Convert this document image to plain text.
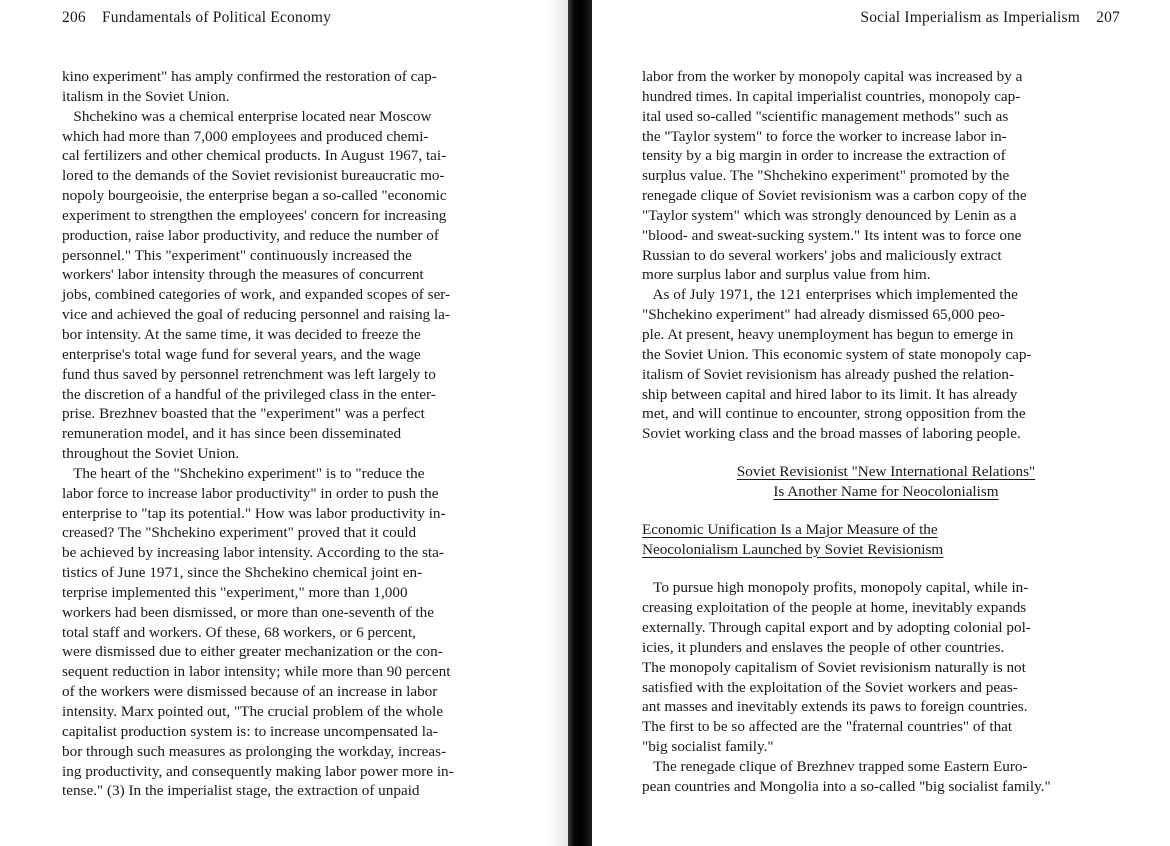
206 Fundamentals of Political Economy
kino experiment" has amply confirmed the restoration of cap-
italism in the Soviet Union.
Shchekino was a chemical enterprise located near Moscow
which had more than 7,000 employees and produced chemi-
cal fertilizers and other chemical products. In August 1967, tai-
lored to the demands of the Soviet revisionist bureaucratic mo-
nopoly bourgeoisie, the enterprise began a so-called "economic
experiment to strengthen the employees' concern for increasing
production, raise labor productivity, and reduce the number of
personnel." This "experiment" continuously increased the
workers' labor intensity through the measures of concurrent
jobs, combined categories of work, and expanded scopes of ser-
vice and achieved the goal of reducing personnel and raising la-
bor intensity. At the same time, it was decided to freeze the
enterprise's total wage fund for several years, and the wage
fund thus saved by personnel retrenchment was left largely to
the discretion of a handful of the privileged class in the enter-
prise. Brezhnev boasted that the "experiment" was a perfect
remuneration model, and it has since been disseminated
throughout the Soviet Union.
The heart of the "Shchekino experiment" is to "reduce the
labor force to increase labor productivity" in order to push the
enterprise to "tap its potential." How was labor productivity in-
creased? The "Shchekino experiment" proved that it could
be achieved by increasing labor intensity. According to the sta-
tistics of June 1971, since the Shchekino chemical joint en-
terprise implemented this "experiment," more than 1,000
workers had been dismissed, or more than one-seventh of the
total staff and workers. Of these, 68 workers, or 6 percent,
were dismissed due to either greater mechanization or the con-
sequent reduction in labor intensity; while more than 90 percent
of the workers were dismissed because of an increase in labor
intensity. Marx pointed out, "The crucial problem of the whole
capitalist production system is: to increase uncompensated la-
bor through such measures as prolonging the workday, increas-
ing productivity, and consequently making labor power more in-
tense." (3) In the imperialist stage, the extraction of unpaid
Social Imperialism as Imperialism 207
labor from the worker by monopoly capital was increased by a
hundred times. In capital imperialist countries, monopoly cap-
ital used so-called "scientific management methods" such as
the "Taylor system" to force the worker to increase labor in-
tensity by a big margin in order to increase the extraction of
surplus value. The "Shchekino experiment" promoted by the
renegade clique of Soviet revisionism was a carbon copy of the
"Taylor system" which was strongly denounced by Lenin as a
"blood- and sweat-sucking system." Its intent was to force one
Russian to do several workers' jobs and maliciously extract
more surplus labor and surplus value from him.
As of July 1971, the 121 enterprises which implemented the
"Shchekino experiment" had already dismissed 65,000 peo-
ple. At present, heavy unemployment has begun to emerge in
the Soviet Union. This economic system of state monopoly cap-
italism of Soviet revisionism has already pushed the relation-
ship between capital and hired labor to its limit. It has already
met, and will continue to encounter, strong opposition from the
Soviet working class and the broad masses of laboring people.
Soviet Revisionist "New International Relations"
Is Another Name for Neocolonialism
Economic Unification Is a Major Measure of the
Neocolonialism Launched by Soviet Revisionism
To pursue high monopoly profits, monopoly capital, while in-
creasing exploitation of the people at home, inevitably expands
externally. Through capital export and by adopting colonial pol-
icies, it plunders and enslaves the people of other countries.
The monopoly capitalism of Soviet revisionism naturally is not
satisfied with the exploitation of the Soviet workers and peas-
ant masses and inevitably extends its paws to foreign countries.
The first to be so affected are the "fraternal countries" of that
"big socialist family."
The renegade clique of Brezhnev trapped some Eastern Euro-
pean countries and Mongolia into a so-called "big socialist family."
